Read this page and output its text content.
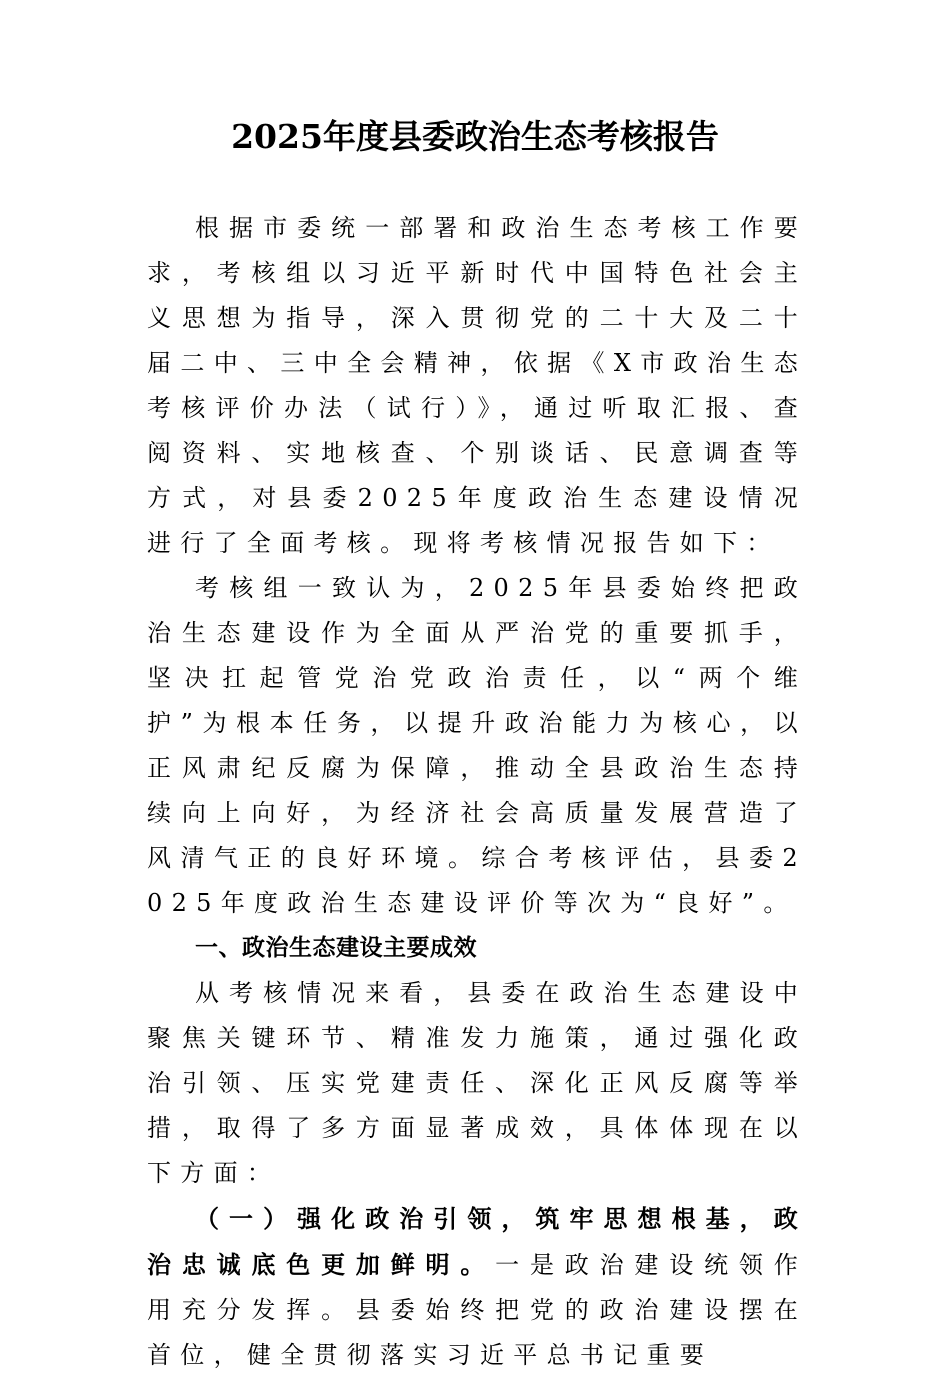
2025年度县委政治生态考核报告

根据市委统一部署和政治生态考核工作要求，考核组以习近平新时代中国特色社会主义思想为指导，深入贯彻党的二十大及二十届二中、三中全会精神，依据《X市政治生态考核评价办法（试行）》，通过听取汇报、查阅资料、实地核查、个别谈话、民意调查等方式，对县委2025年度政治生态建设情况进行了全面考核。现将考核情况报告如下：

考核组一致认为，2025年县委始终把政治生态建设作为全面从严治党的重要抓手，坚决扛起管党治党政治责任，以“两个维护”为根本任务，以提升政治能力为核心，以正风肃纪反腐为保障，推动全县政治生态持续向上向好，为经济社会高质量发展营造了风清气正的良好环境。综合考核评估，县委2025年度政治生态建设评价等次为“良好”。

一、政治生态建设主要成效

从考核情况来看，县委在政治生态建设中聚焦关键环节、精准发力施策，通过强化政治引领、压实党建责任、深化正风反腐等举措，取得了多方面显著成效，具体体现在以下方面：

（一）强化政治引领，筑牢思想根基，政治忠诚底色更加鲜明。一是政治建设统领作用充分发挥。县委始终把党的政治建设摆在首位，健全贯彻落实习近平总书记重要
